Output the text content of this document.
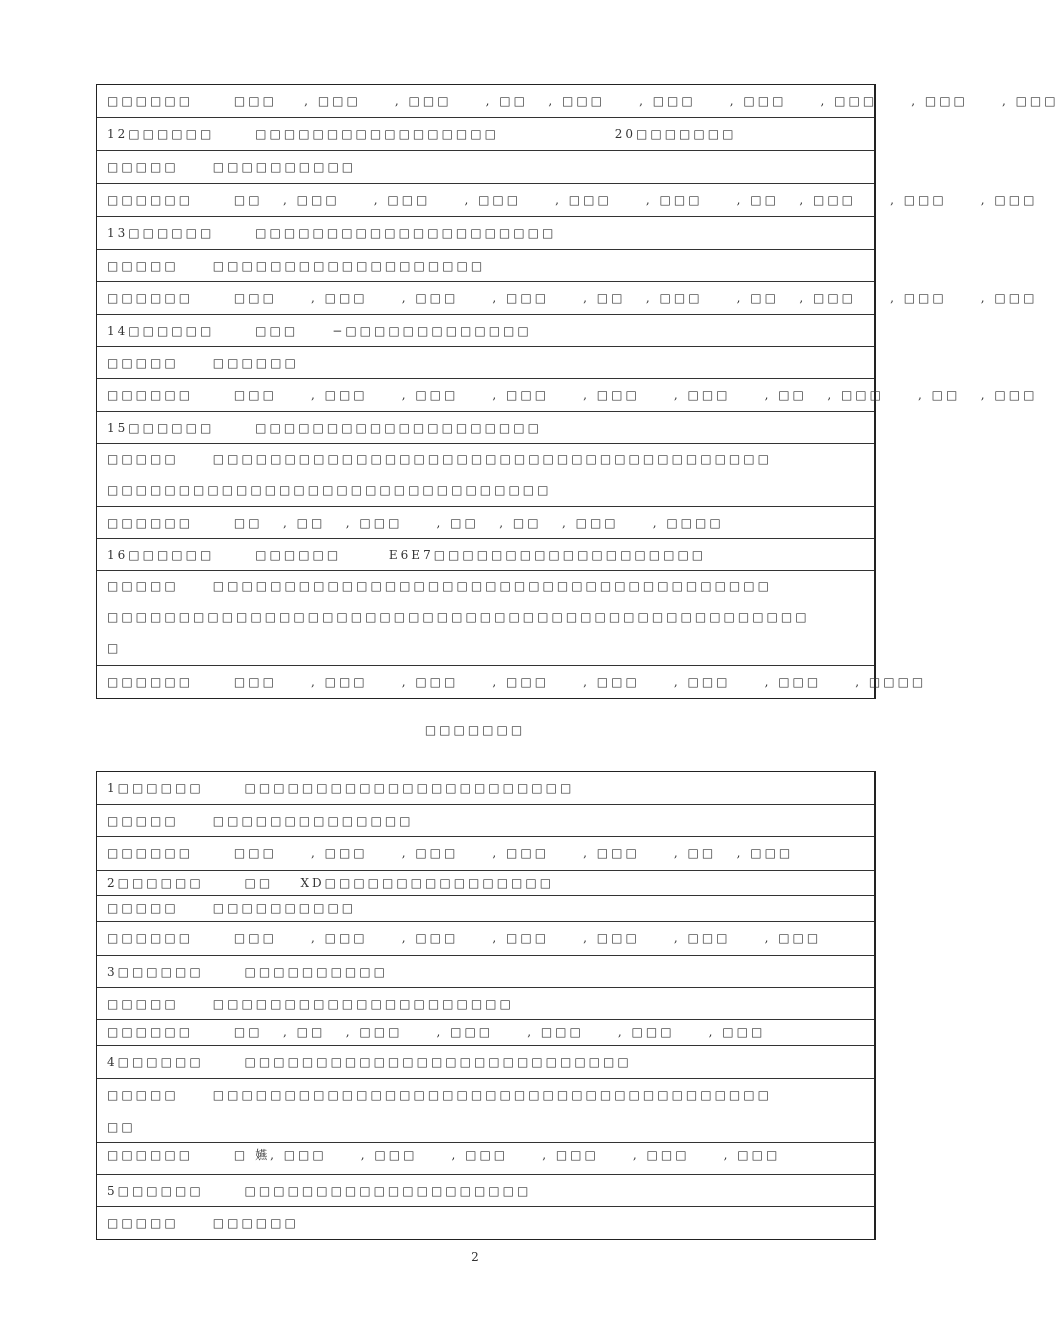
□□□□□□      □□□    , □□□     , □□□     , □□   , □□□     , □□□     , □□□     , □□□     , □□□     , □□□
12□□□□□□      □□□□□□□□□□□□□□□□□                 20□□□□□□□
□□□□□     □□□□□□□□□□
□□□□□□      □□   , □□□     , □□□     , □□□     , □□□     , □□□     , □□   , □□□     , □□□     , □□□
13□□□□□□      □□□□□□□□□□□□□□□□□□□□□
□□□□□     □□□□□□□□□□□□□□□□□□□
□□□□□□      □□□     , □□□     , □□□     , □□□     , □□   , □□□     , □□   , □□□     , □□□     , □□□
14□□□□□□      □□□     −□□□□□□□□□□□□□
□□□□□     □□□□□□
□□□□□□      □□□     , □□□     , □□□     , □□□     , □□□     , □□□     , □□   , □□□     , □□   , □□□
15□□□□□□      □□□□□□□□□□□□□□□□□□□□
□□□□□     □□□□□□□□□□□□□□□□□□□□□□□□□□□□□□□□□□□□□□□
□□□□□□□□□□□□□□□□□□□□□□□□□□□□□□□
□□□□□□      □□   , □□   , □□□     , □□   , □□   , □□□     , □□□□
16□□□□□□      □□□□□□       E6E7□□□□□□□□□□□□□□□□□□□
□□□□□     □□□□□□□□□□□□□□□□□□□□□□□□□□□□□□□□□□□□□□□
□□□□□□□□□□□□□□□□□□□□□□□□□□□□□□□□□□□□□□□□□□□□□□□□□
□
□□□□□□      □□□     , □□□     , □□□     , □□□     , □□□     , □□□     , □□□     , □□□□
□□□□□□□
1□□□□□□      □□□□□□□□□□□□□□□□□□□□□□□
□□□□□     □□□□□□□□□□□□□□
□□□□□□      □□□     , □□□     , □□□     , □□□     , □□□     , □□   , □□□
2□□□□□□      □□    XD□□□□□□□□□□□□□□□□
□□□□□     □□□□□□□□□□
□□□□□□      □□□     , □□□     , □□□     , □□□     , □□□     , □□□     , □□□
3□□□□□□      □□□□□□□□□□
□□□□□     □□□□□□□□□□□□□□□□□□□□□
□□□□□□      □□   , □□   , □□□     , □□□     , □□□     , □□□     , □□□
4□□□□□□      □□□□□□□□□□□□□□□□□□□□□□□□□□□
□□□□□     □□□□□□□□□□□□□□□□□□□□□□□□□□□□□□□□□□□□□□□
□□
□□□□□□      □ 嬿, □□□     , □□□     , □□□     , □□□     , □□□     , □□□
5□□□□□□      □□□□□□□□□□□□□□□□□□□□
□□□□□     □□□□□□
2
